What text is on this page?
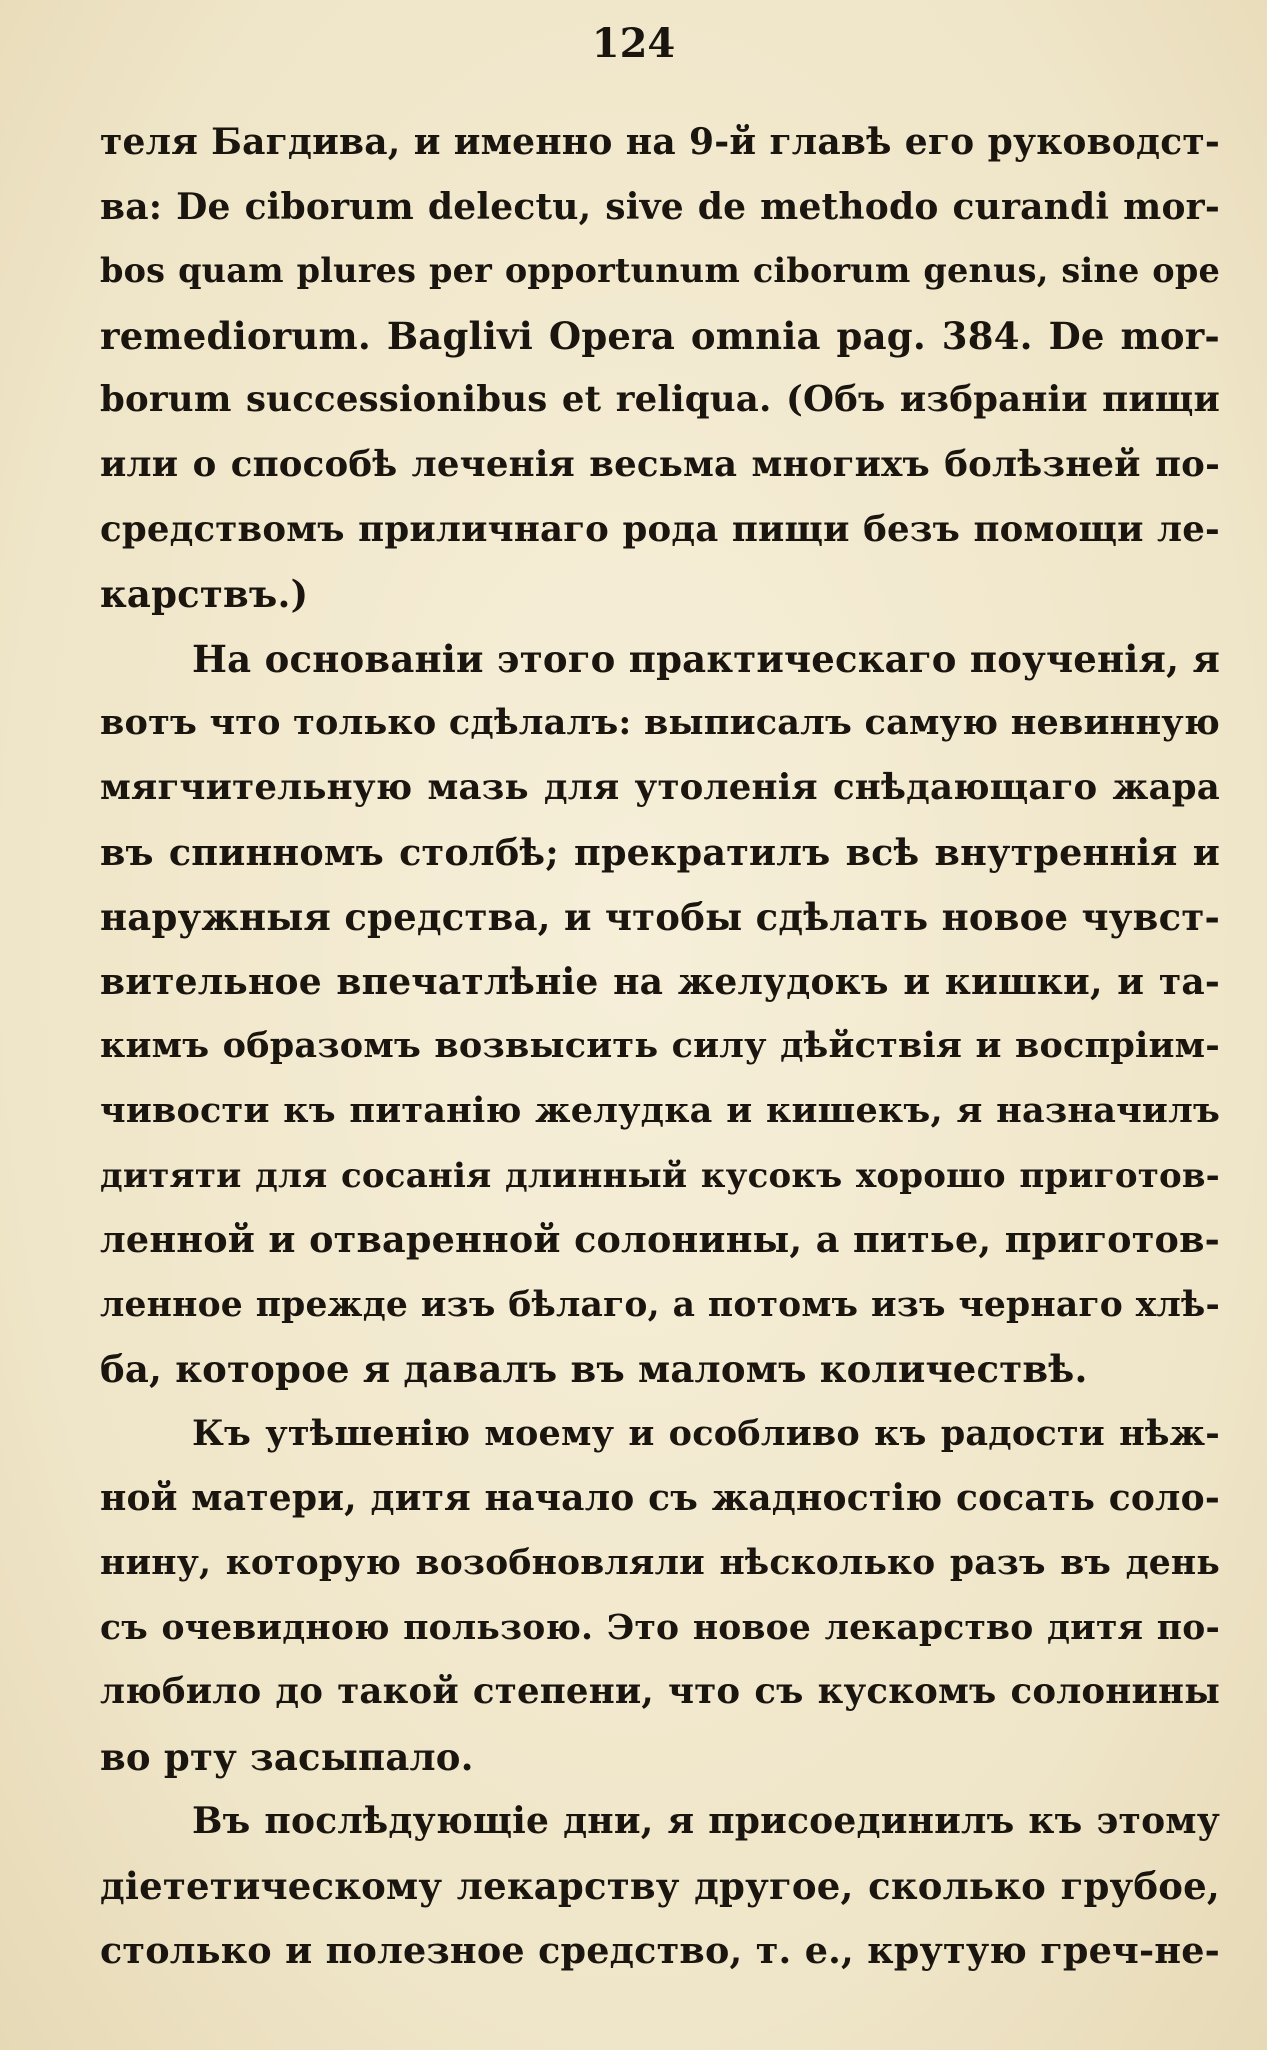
124
теля Багдива, и именно на 9-й главѣ его руководст-
ва: De ciborum delectu, sive de methodo curandi mor-
bos quam plures per opportunum ciborum genus, sine ope
remediorum. Baglivi Opera omnia pag. 384. De mor-
borum successionibus et reliqua. (Объ избраніи пищи
или о способѣ леченія весьма многихъ болѣзней по-
средствомъ приличнаго рода пищи безъ помощи ле-
карствъ.)
На основаніи этого практическаго поученія, я
вотъ что только сдѣлалъ: выписалъ самую невинную
мягчительную мазь для утоленія снѣдающаго жара
въ спинномъ столбѣ; прекратилъ всѣ внутреннія и
наружныя средства, и чтобы сдѣлать новое чувст-
вительное впечатлѣніе на желудокъ и кишки, и та-
кимъ образомъ возвысить силу дѣйствія и воспріим-
чивости къ питанію желудка и кишекъ, я назначилъ
дитяти для сосанія длинный кусокъ хорошо приготов-
ленной и отваренной солонины, а питье, приготов-
ленное прежде изъ бѣлаго, а потомъ изъ чернаго хлѣ-
ба, которое я давалъ въ маломъ количествѣ.
Къ утѣшенію моему и особливо къ радости нѣж-
ной матери, дитя начало съ жадностію сосать соло-
нину, которую возобновляли нѣсколько разъ въ день
съ очевидною пользою. Это новое лекарство дитя по-
любило до такой степени, что съ кускомъ солонины
во рту засыпало.
Въ послѣдующіе дни, я присоединилъ къ этому
діететическому лекарству другое, сколько грубое,
столько и полезное средство, т. е., крутую греч-не-
